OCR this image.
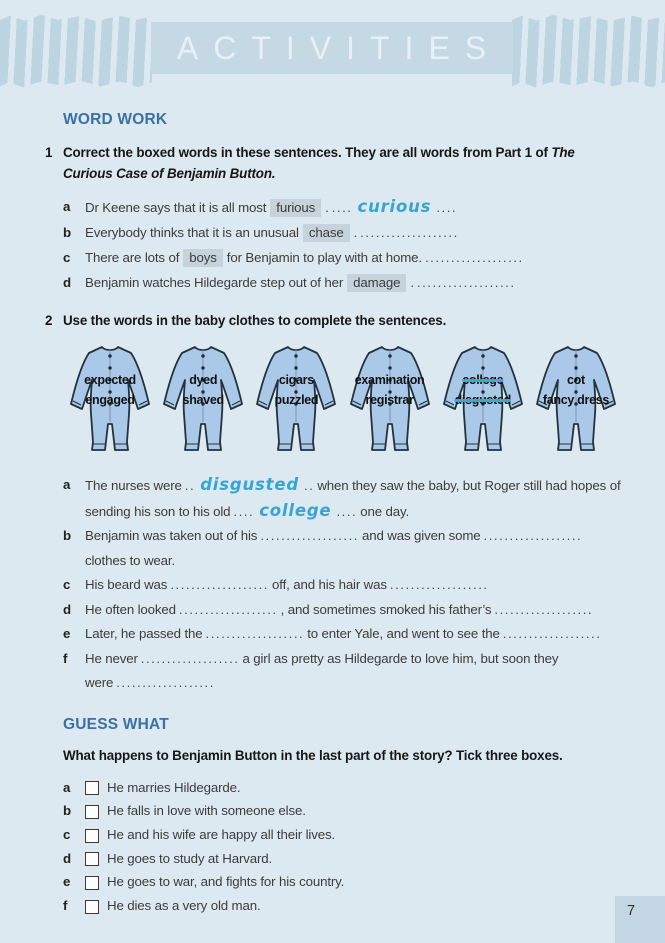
ACTIVITIES
WORD WORK
1 Correct the boxed words in these sentences. They are all words from Part 1 of The Curious Case of Benjamin Button.
a	Dr Keene says that it is all most furious . .... curious ....
b	Everybody thinks that it is an unusual chase . ...................
c	There are lots of boys for Benjamin to play with at home. ...................
d	Benjamin watches Hildegarde step out of her damage . ...................
2 Use the words in the baby clothes to complete the sentences.
expected
engaged
dyed
shaved
cigars
puzzled
examination
registrar
college
disgusted
cot
fancy dress
a	The nurses were .. disgusted .. when they saw the baby, but Roger still had hopes of sending his son to his old .... college .... one day.
b	Benjamin was taken out of his ................... and was given some ...................clothes to wear.
c	His beard was ................... off, and his hair was ...................
d	He often looked ................... , and sometimes smoked his father’s ...................
e	Later, he passed the ................... to enter Yale, and went to see the ...................
f	He never ................... a girl as pretty as Hildegarde to love him, but soon they were ...................
GUESS WHAT
What happens to Benjamin Button in the last part of the story? Tick three boxes.
a	He marries Hildegarde.
b	He falls in love with someone else.
c	He and his wife are happy all their lives.
d	He goes to study at Harvard.
e	He goes to war, and fights for his country.
f	He dies as a very old man.	7
